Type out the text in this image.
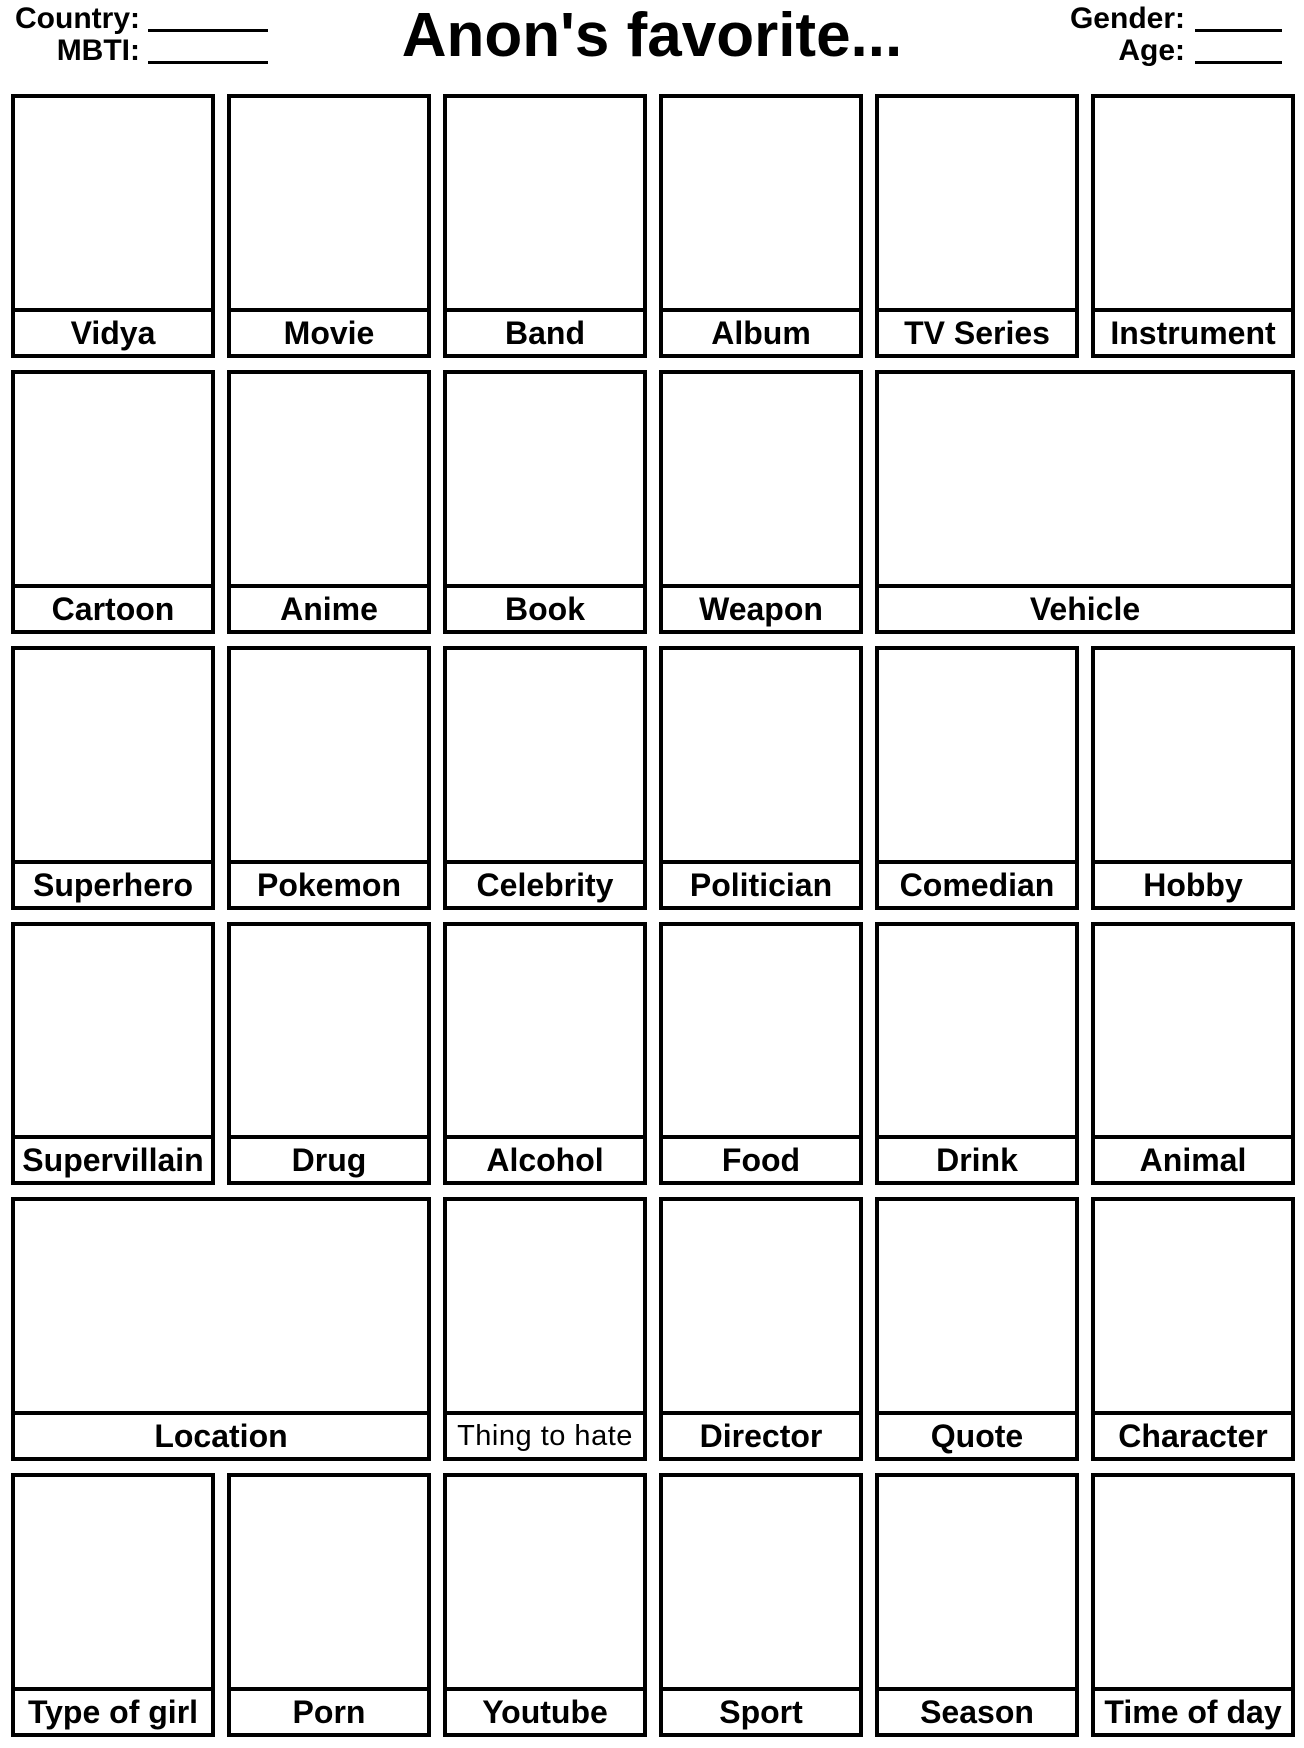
Country:
MBTI:	Anon's favorite...	Gender:
Age:
Vidya	Movie	Band	Album	TV Series	Instrument
Cartoon	Anime	Book	Weapon	Vehicle
Superhero	Pokemon	Celebrity	Politician	Comedian	Hobby
Supervillain	Drug	Alcohol	Food	Drink	Animal
Location	Thing to hate	Director	Quote	Character
Type of girl	Porn	Youtube	Sport	Season	Time of day
